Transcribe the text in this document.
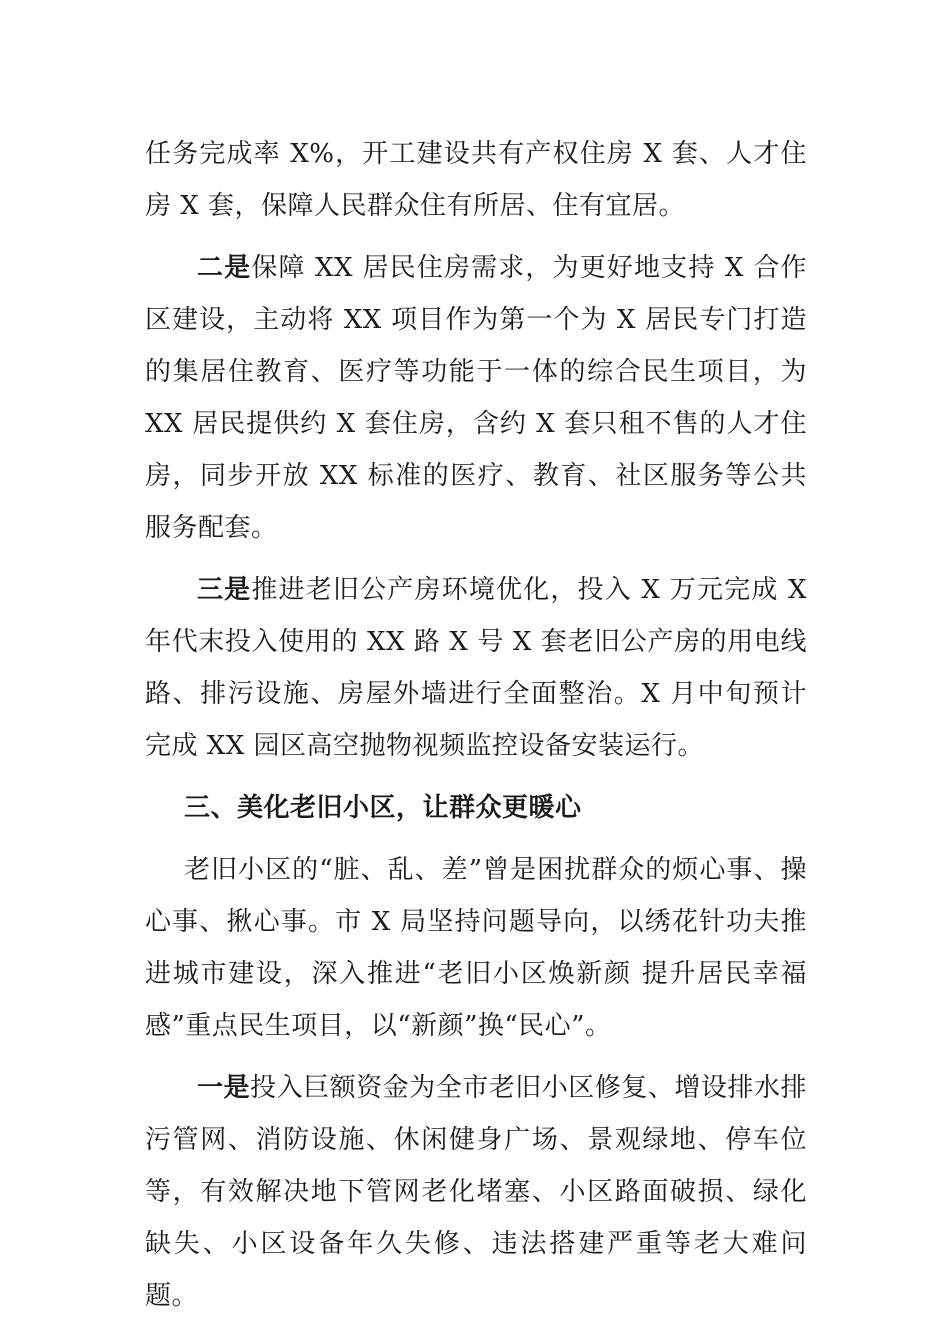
任务完成率 X%，开工建设共有产权住房 X 套、人才住房 X 套，保障人民群众住有所居、住有宜居。

二是保障 XX 居民住房需求，为更好地支持 X 合作区建设，主动将 XX 项目作为第一个为 X 居民专门打造的集居住教育、医疗等功能于一体的综合民生项目，为 XX 居民提供约 X 套住房，含约 X 套只租不售的人才住房，同步开放 XX 标准的医疗、教育、社区服务等公共服务配套。

三是推进老旧公产房环境优化，投入 X 万元完成 X 年代末投入使用的 XX 路 X 号 X 套老旧公产房的用电线路、排污设施、房屋外墙进行全面整治。X 月中旬预计完成 XX 园区高空抛物视频监控设备安装运行。

三、美化老旧小区，让群众更暖心

老旧小区的“脏、乱、差”曾是困扰群众的烦心事、操心事、揪心事。市 X 局坚持问题导向，以绣花针功夫推进城市建设，深入推进“老旧小区焕新颜 提升居民幸福感”重点民生项目，以“新颜”换“民心”。

一是投入巨额资金为全市老旧小区修复、增设排水排污管网、消防设施、休闲健身广场、景观绿地、停车位等，有效解决地下管网老化堵塞、小区路面破损、绿化缺失、小区设备年久失修、违法搭建严重等老大难问题。
